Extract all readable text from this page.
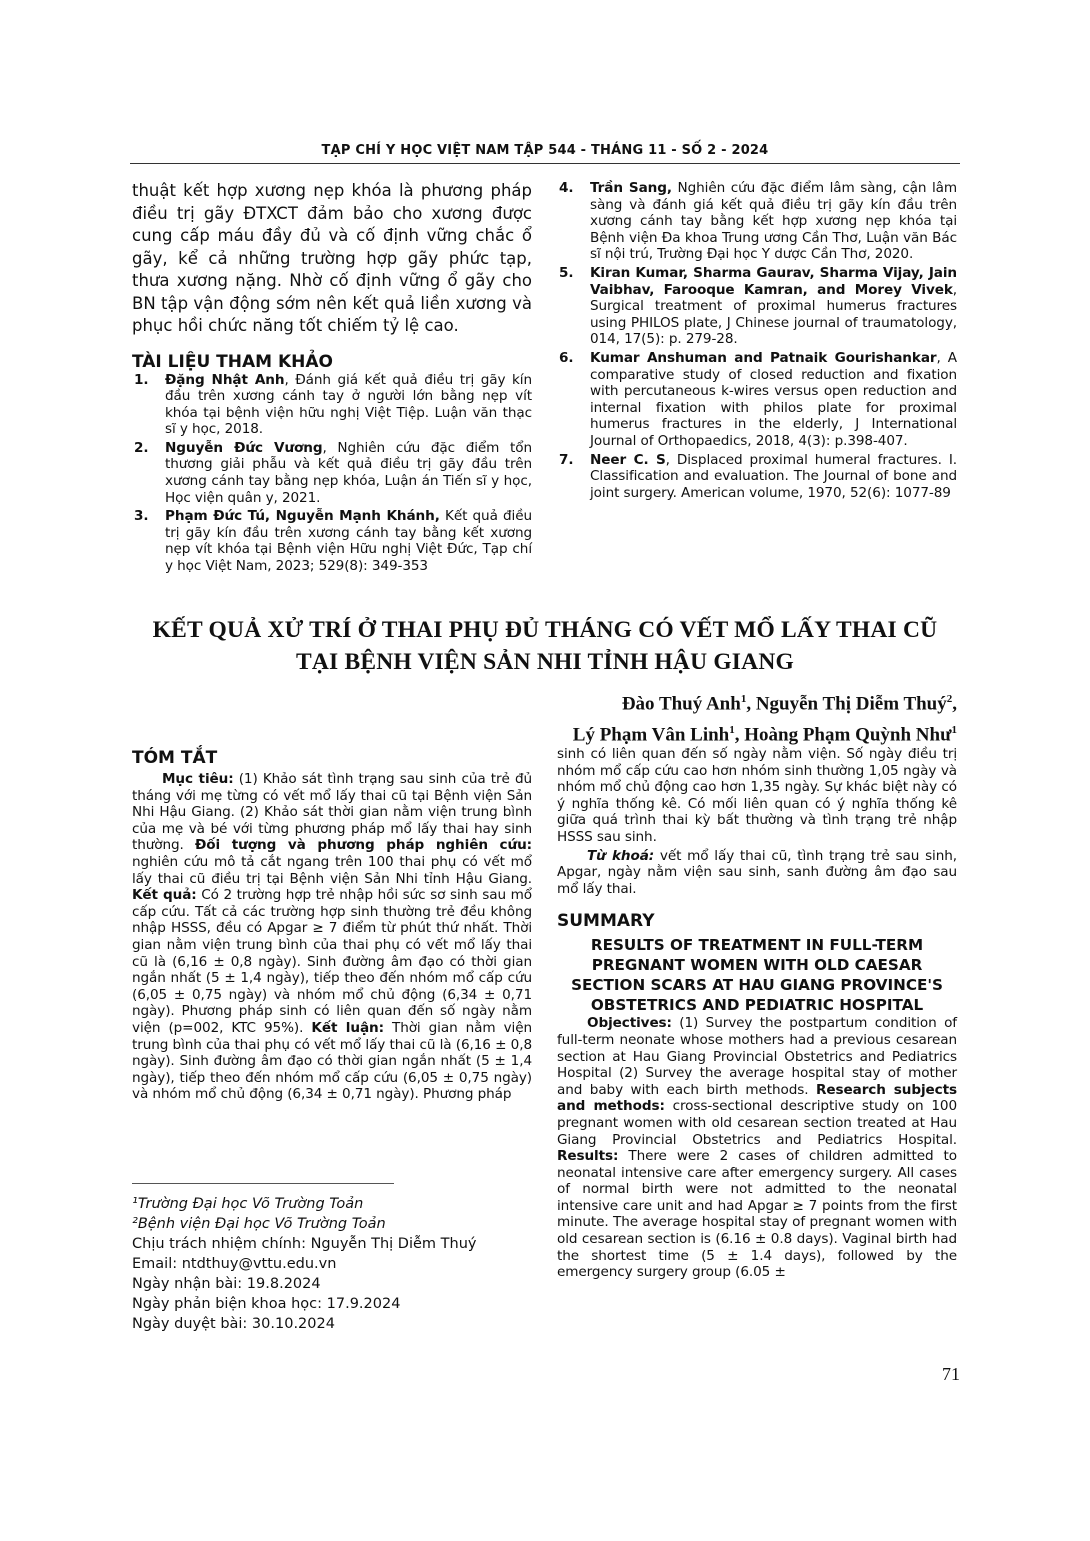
TẠP CHÍ Y HỌC VIỆT NAM TẬP 544 - THÁNG 11 - SỐ 2 - 2024

thuật kết hợp xương nẹp khóa là phương pháp điều trị gãy ĐTXCT đảm bảo cho xương được cung cấp máu đầy đủ và cố định vững chắc ổ gãy, kể cả những trường hợp gãy phức tạp, thưa xương nặng. Nhờ cố định vững ổ gãy cho BN tập vận động sớm nên kết quả liền xương và phục hồi chức năng tốt chiếm tỷ lệ cao.

TÀI LIỆU THAM KHẢO
1. Đặng Nhật Anh, Đánh giá kết quả điều trị gãy kín đầu trên xương cánh tay ở người lớn bằng nẹp vít khóa tại bệnh viện hữu nghị Việt Tiệp. Luận văn thạc sĩ y học, 2018.
2. Nguyễn Đức Vương, Nghiên cứu đặc điểm tổn thương giải phẫu và kết quả điều trị gãy đầu trên xương cánh tay bằng nẹp khóa, Luận án Tiến sĩ y học, Học viện quân y, 2021.
3. Phạm Đức Tú, Nguyễn Mạnh Khánh, Kết quả điều trị gãy kín đầu trên xương cánh tay bằng kết xương nẹp vít khóa tại Bệnh viện Hữu nghị Việt Đức, Tạp chí y học Việt Nam, 2023; 529(8): 349-353
4. Trần Sang, Nghiên cứu đặc điểm lâm sàng, cận lâm sàng và đánh giá kết quả điều trị gãy kín đầu trên xương cánh tay bằng kết hợp xương nẹp khóa tại Bệnh viện Đa khoa Trung ương Cần Thơ, Luận văn Bác sĩ nội trú, Trường Đại học Y dược Cần Thơ, 2020.
5. Kiran Kumar, Sharma Gaurav, Sharma Vijay, Jain Vaibhav, Farooque Kamran, and Morey Vivek, Surgical treatment of proximal humerus fractures using PHILOS plate, J Chinese journal of traumatology, 014, 17(5): p. 279-28.
6. Kumar Anshuman and Patnaik Gourishankar, A comparative study of closed reduction and fixation with percutaneous k-wires versus open reduction and internal fixation with philos plate for proximal humerus fractures in the elderly, J International Journal of Orthopaedics, 2018, 4(3): p.398-407.
7. Neer C. S, Displaced proximal humeral fractures. I. Classification and evaluation. The Journal of bone and joint surgery. American volume, 1970, 52(6): 1077-89
KẾT QUẢ XỬ TRÍ Ở THAI PHỤ ĐỦ THÁNG CÓ VẾT MỔ LẤY THAI CŨ
TẠI BỆNH VIỆN SẢN NHI TỈNH HẬU GIANG
Đào Thuý Anh$^1$, Nguyễn Thị Diễm Thuý$^2$,
Lý Phạm Vân Linh$^1$, Hoàng Phạm Quỳnh Như$^1$
TÓM TẮT

Mục tiêu: (1) Khảo sát tình trạng sau sinh của trẻ đủ tháng với mẹ từng có vết mổ lấy thai cũ tại Bệnh viện Sản Nhi Hậu Giang. (2) Khảo sát thời gian nằm viện trung bình của mẹ và bé với từng phương pháp mổ lấy thai hay sinh thường. Đối tượng và phương pháp nghiên cứu: nghiên cứu mô tả cắt ngang trên 100 thai phụ có vết mổ lấy thai cũ điều trị tại Bệnh viện Sản Nhi tỉnh Hậu Giang. Kết quả: Có 2 trường hợp trẻ nhập hồi sức sơ sinh sau mổ cấp cứu. Tất cả các trường hợp sinh thường trẻ đều không nhập HSSS, đều có Apgar ≥ 7 điểm từ phút thứ nhất. Thời gian nằm viện trung bình của thai phụ có vết mổ lấy thai cũ là (6,16 ± 0,8 ngày). Sinh đường âm đạo có thời gian ngắn nhất (5 ± 1,4 ngày), tiếp theo đến nhóm mổ cấp cứu (6,05 ± 0,75 ngày) và nhóm mổ chủ động (6,34 ± 0,71 ngày). Phương pháp sinh có liên quan đến số ngày nằm viện (p=002, KTC 95%). Kết luận: Thời gian nằm viện trung bình của thai phụ có vết mổ lấy thai cũ là (6,16 ± 0,8 ngày). Sinh đường âm đạo có thời gian ngắn nhất (5 ± 1,4 ngày), tiếp theo đến nhóm mổ cấp cứu (6,05 ± 0,75 ngày) và nhóm mổ chủ động (6,34 ± 0,71 ngày). Phương pháp

sinh có liên quan đến số ngày nằm viện. Số ngày điều trị nhóm mổ cấp cứu cao hơn nhóm sinh thường 1,05 ngày và nhóm mổ chủ động cao hơn 1,35 ngày. Sự khác biệt này có ý nghĩa thống kê. Có mối liên quan có ý nghĩa thống kê giữa quá trình thai kỳ bất thường và tình trạng trẻ nhập HSSS sau sinh.

Từ khoá: vết mổ lấy thai cũ, tình trạng trẻ sau sinh, Apgar, ngày nằm viện sau sinh, sanh đường âm đạo sau mổ lấy thai.

SUMMARY
RESULTS OF TREATMENT IN FULL-TERM PREGNANT WOMEN WITH OLD CAESAR SECTION SCARS AT HAU GIANG PROVINCE'S OBSTETRICS AND PEDIATRIC HOSPITAL

Objectives: (1) Survey the postpartum condition of full-term neonate whose mothers had a previous cesarean section at Hau Giang Provincial Obstetrics and Pediatrics Hospital (2) Survey the average hospital stay of mother and baby with each birth methods. Research subjects and methods: cross-sectional descriptive study on 100 pregnant women with old cesarean section treated at Hau Giang Provincial Obstetrics and Pediatrics Hospital. Results: There were 2 cases of children admitted to neonatal intensive care after emergency surgery. All cases of normal birth were not admitted to the neonatal intensive care unit and had Apgar ≥ 7 points from the first minute. The average hospital stay of pregnant women with old cesarean section is (6.16 ± 0.8 days). Vaginal birth had the shortest time (5 ± 1.4 days), followed by the emergency surgery group (6.05 ±

¹Trường Đại học Võ Trường Toản
²Bệnh viện Đại học Võ Trường Toản
Chịu trách nhiệm chính: Nguyễn Thị Diễm Thuý
Email: ntdthuy@vttu.edu.vn
Ngày nhận bài: 19.8.2024
Ngày phản biện khoa học: 17.9.2024
Ngày duyệt bài: 30.10.2024
71
